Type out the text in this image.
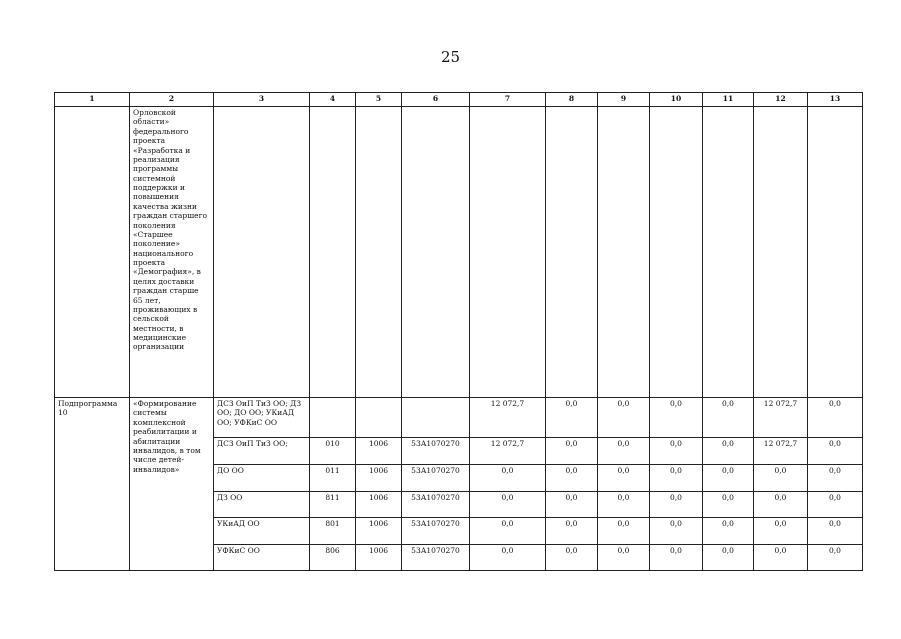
25
1	2	3	4	5	6	7	8	9	10	11	12	13
	Орловской области» федерального проекта «Разработка и реализация программы системной поддержки и повышения качества жизни граждан старшего поколения «Старшее поколение» национального проекта «Демография», в целях доставки граждан старше 65 лет, проживающих в сельской местности, в медицинские организации											
Подпрограмма 10	«Формирование системы комплексной реабилитации и абилитации инвалидов, в том числе детей-инвалидов»	ДСЗ ОиП ТиЗ ОО; ДЗ ОО; ДО ОО; УКиАД ОО; УФКиС ОО				12 072,7	0,0	0,0	0,0	0,0	12 072,7	0,0
		ДСЗ ОиП ТиЗ ОО;	010	1006	53А1070270	12 072,7	0,0	0,0	0,0	0,0	12 072,7	0,0
		ДО ОО	011	1006	53А1070270	0,0	0,0	0,0	0,0	0,0	0,0	0,0
		ДЗ ОО	811	1006	53А1070270	0,0	0,0	0,0	0,0	0,0	0,0	0,0
		УКиАД ОО	801	1006	53А1070270	0,0	0,0	0,0	0,0	0,0	0,0	0,0
		УФКиС ОО	806	1006	53А1070270	0,0	0,0	0,0	0,0	0,0	0,0	0,0
